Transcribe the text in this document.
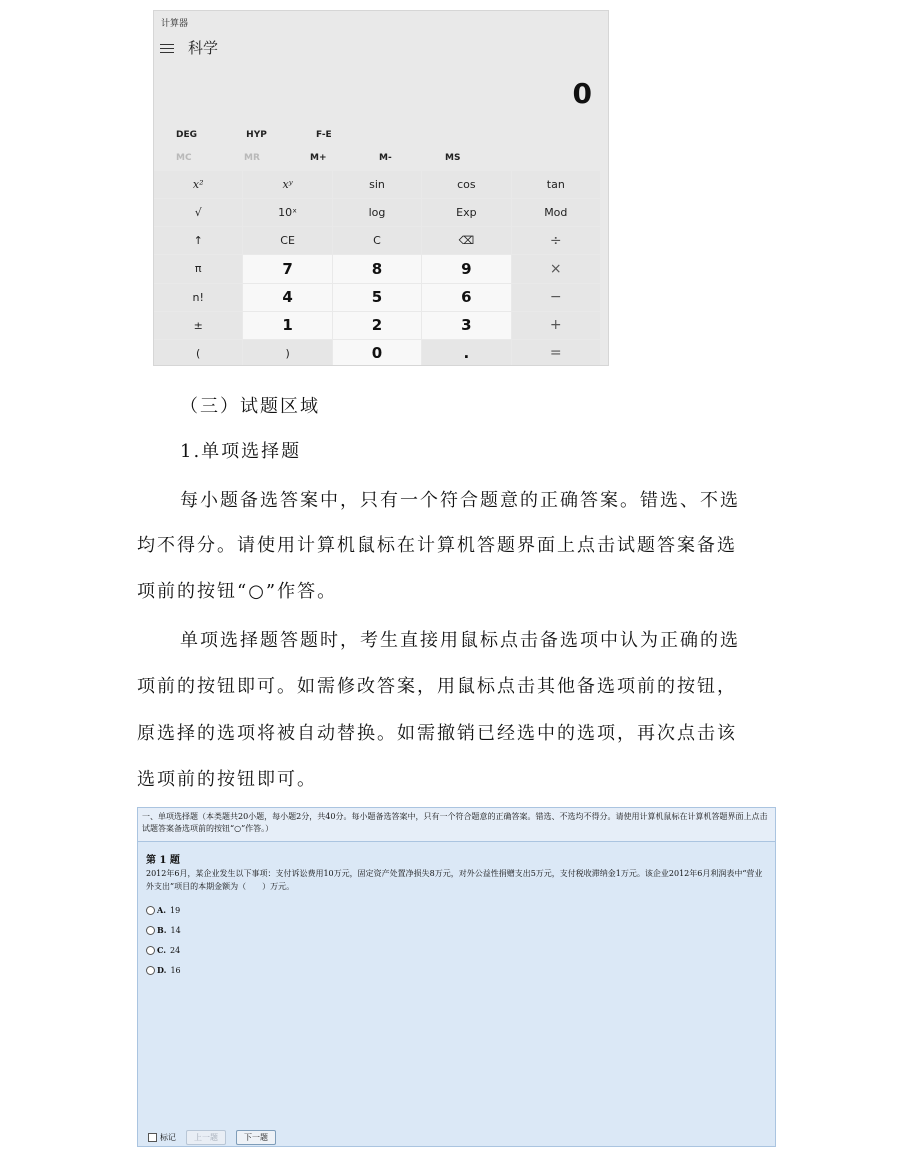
计算器
科学
0
DEG	HYP	F-E
MC	MR	M+	M-	MS
x²	xʸ	sin	cos	tan
√	10ˣ	log	Exp	Mod
↑	CE	C	⌫	÷
π	7	8	9	×
n!	4	5	6	−
±	1	2	3	+
(	)	0	.	=
（三）试题区域
1.单项选择题
每小题备选答案中，只有一个符合题意的正确答案。错选、不选
均不得分。请使用计算机鼠标在计算机答题界面上点击试题答案备选
项前的按钮“○”作答。
单项选择题答题时，考生直接用鼠标点击备选项中认为正确的选
项前的按钮即可。如需修改答案，用鼠标点击其他备选项前的按钮，
原选择的选项将被自动替换。如需撤销已经选中的选项，再次点击该
选项前的按钮即可。
一、单项选择题（本类题共20小题，每小题2分，共40分。每小题备选答案中，只有一个符合题意的正确答案。错选、不选均不得分。请使用计算机鼠标在计算机答题界面上点击试题答案备选项前的按钮“○”作答。）
第 1 题
2012年6月，某企业发生以下事项：支付诉讼费用10万元，固定资产处置净损失8万元，对外公益性捐赠支出5万元，支付税收滞纳金1万元。该企业2012年6月利润表中“营业外支出”项目的本期金额为（　　）万元。
A. 19
B. 14
C. 24
D. 16
标记	上一题	下一题
